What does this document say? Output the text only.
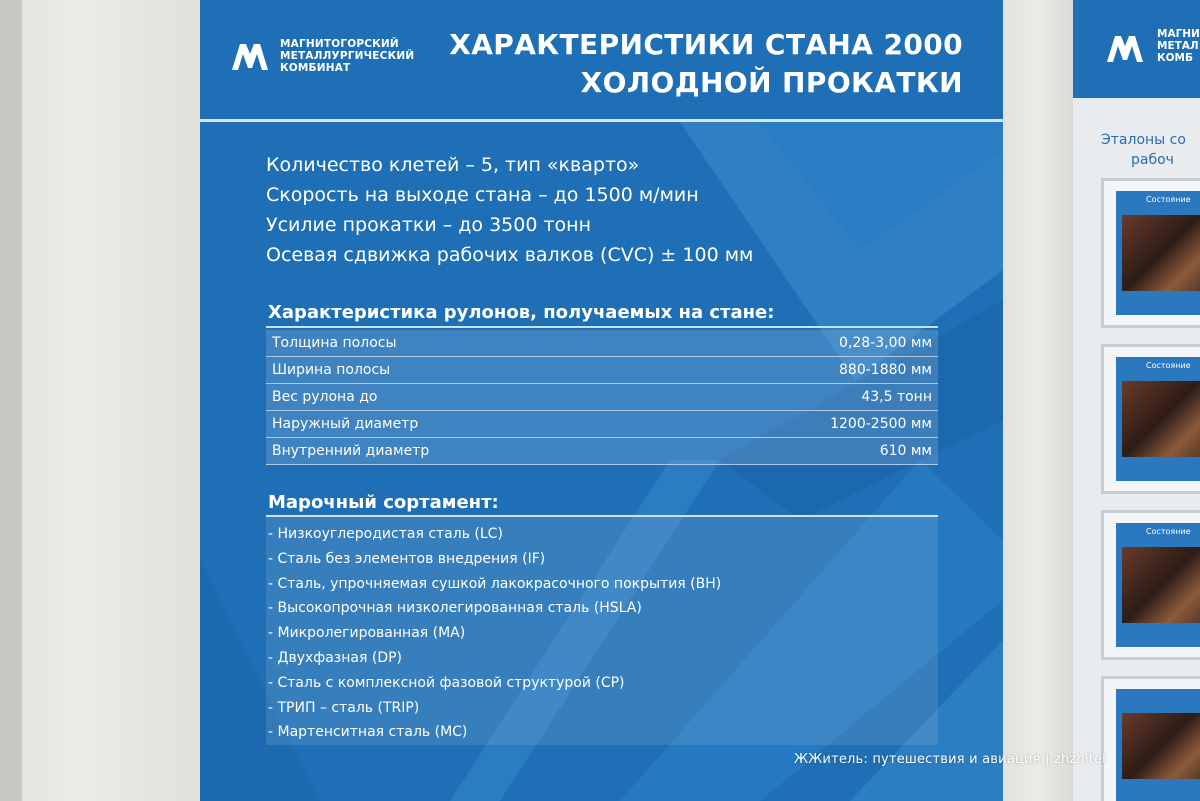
МАГНИТОГОРСКИЙ
МЕТАЛЛУРГИЧЕСКИЙ
КОМБИНАТ
ХАРАКТЕРИСТИКИ СТАНА 2000
ХОЛОДНОЙ ПРОКАТКИ
Количество клетей – 5, тип «кварто»
Скорость на выходе стана – до 1500 м/мин
Усилие прокатки – до 3500 тонн
Осевая сдвижка рабочих валков (CVC) ± 100 мм
Характеристика рулонов, получаемых на стане:
Толщина полосы	0,28-3,00 мм
Ширина полосы	880-1880 мм
Вес рулона до	43,5 тонн
Наружный диаметр	1200-2500 мм
Внутренний диаметр	610 мм
Марочный сортамент:
- Низкоуглеродистая сталь (LC)
- Сталь без элементов внедрения (IF)
- Сталь, упрочняемая сушкой лакокрасочного покрытия (BH)
- Высокопрочная низколегированная сталь (HSLA)
- Микролегированная (MA)
- Двухфазная (DP)
- Сталь с комплексной фазовой структурой (CP)
- ТРИП – сталь (TRIP)
- Мартенситная сталь (MC)
МАГНИ
МЕТАЛ
КОМБ
Эталоны со
рабоч
Состояние
Состояние
Состояние
ЖЖитель: путешествия и авиация | zhzhitel
